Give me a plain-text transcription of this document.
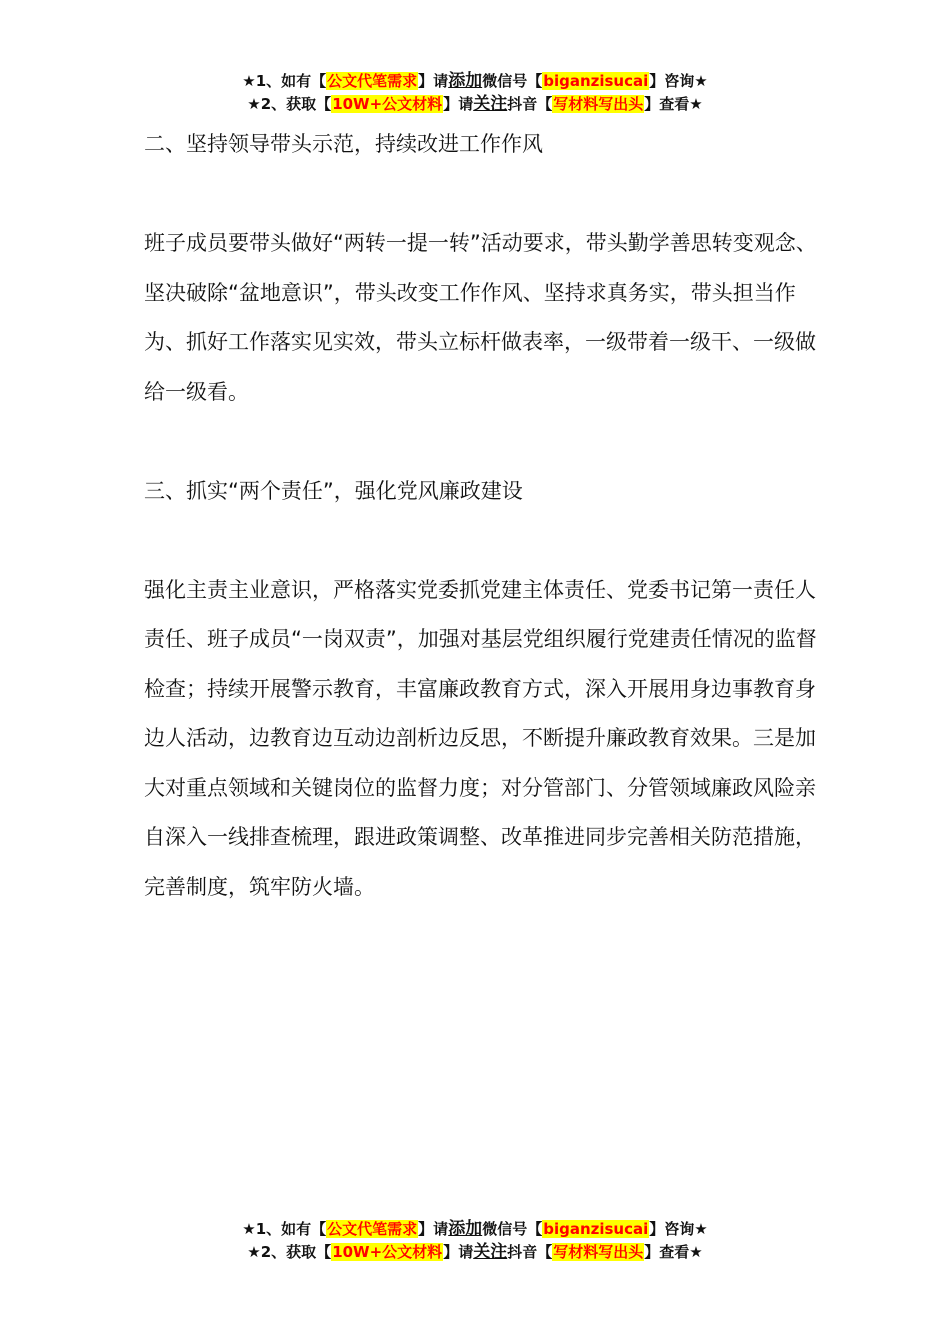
★1、如有【公文代笔需求】请添加微信号【biganzisucai】咨询★
★2、获取【10W+公文材料】请关注抖音【写材料写出头】查看★
二、坚持领导带头示范，持续改进工作作风

班子成员要带头做好“两转一提一转”活动要求，带头勤学善思转变观念、坚决破除“盆地意识”，带头改变工作作风、坚持求真务实，带头担当作为、抓好工作落实见实效，带头立标杆做表率，一级带着一级干、一级做给一级看。

三、抓实“两个责任”，强化党风廉政建设

强化主责主业意识，严格落实党委抓党建主体责任、党委书记第一责任人责任、班子成员“一岗双责”，加强对基层党组织履行党建责任情况的监督检查；持续开展警示教育，丰富廉政教育方式，深入开展用身边事教育身边人活动，边教育边互动边剖析边反思，不断提升廉政教育效果。三是加大对重点领域和关键岗位的监督力度；对分管部门、分管领域廉政风险亲自深入一线排查梳理，跟进政策调整、改革推进同步完善相关防范措施，完善制度，筑牢防火墙。

★1、如有【公文代笔需求】请添加微信号【biganzisucai】咨询★
★2、获取【10W+公文材料】请关注抖音【写材料写出头】查看★
